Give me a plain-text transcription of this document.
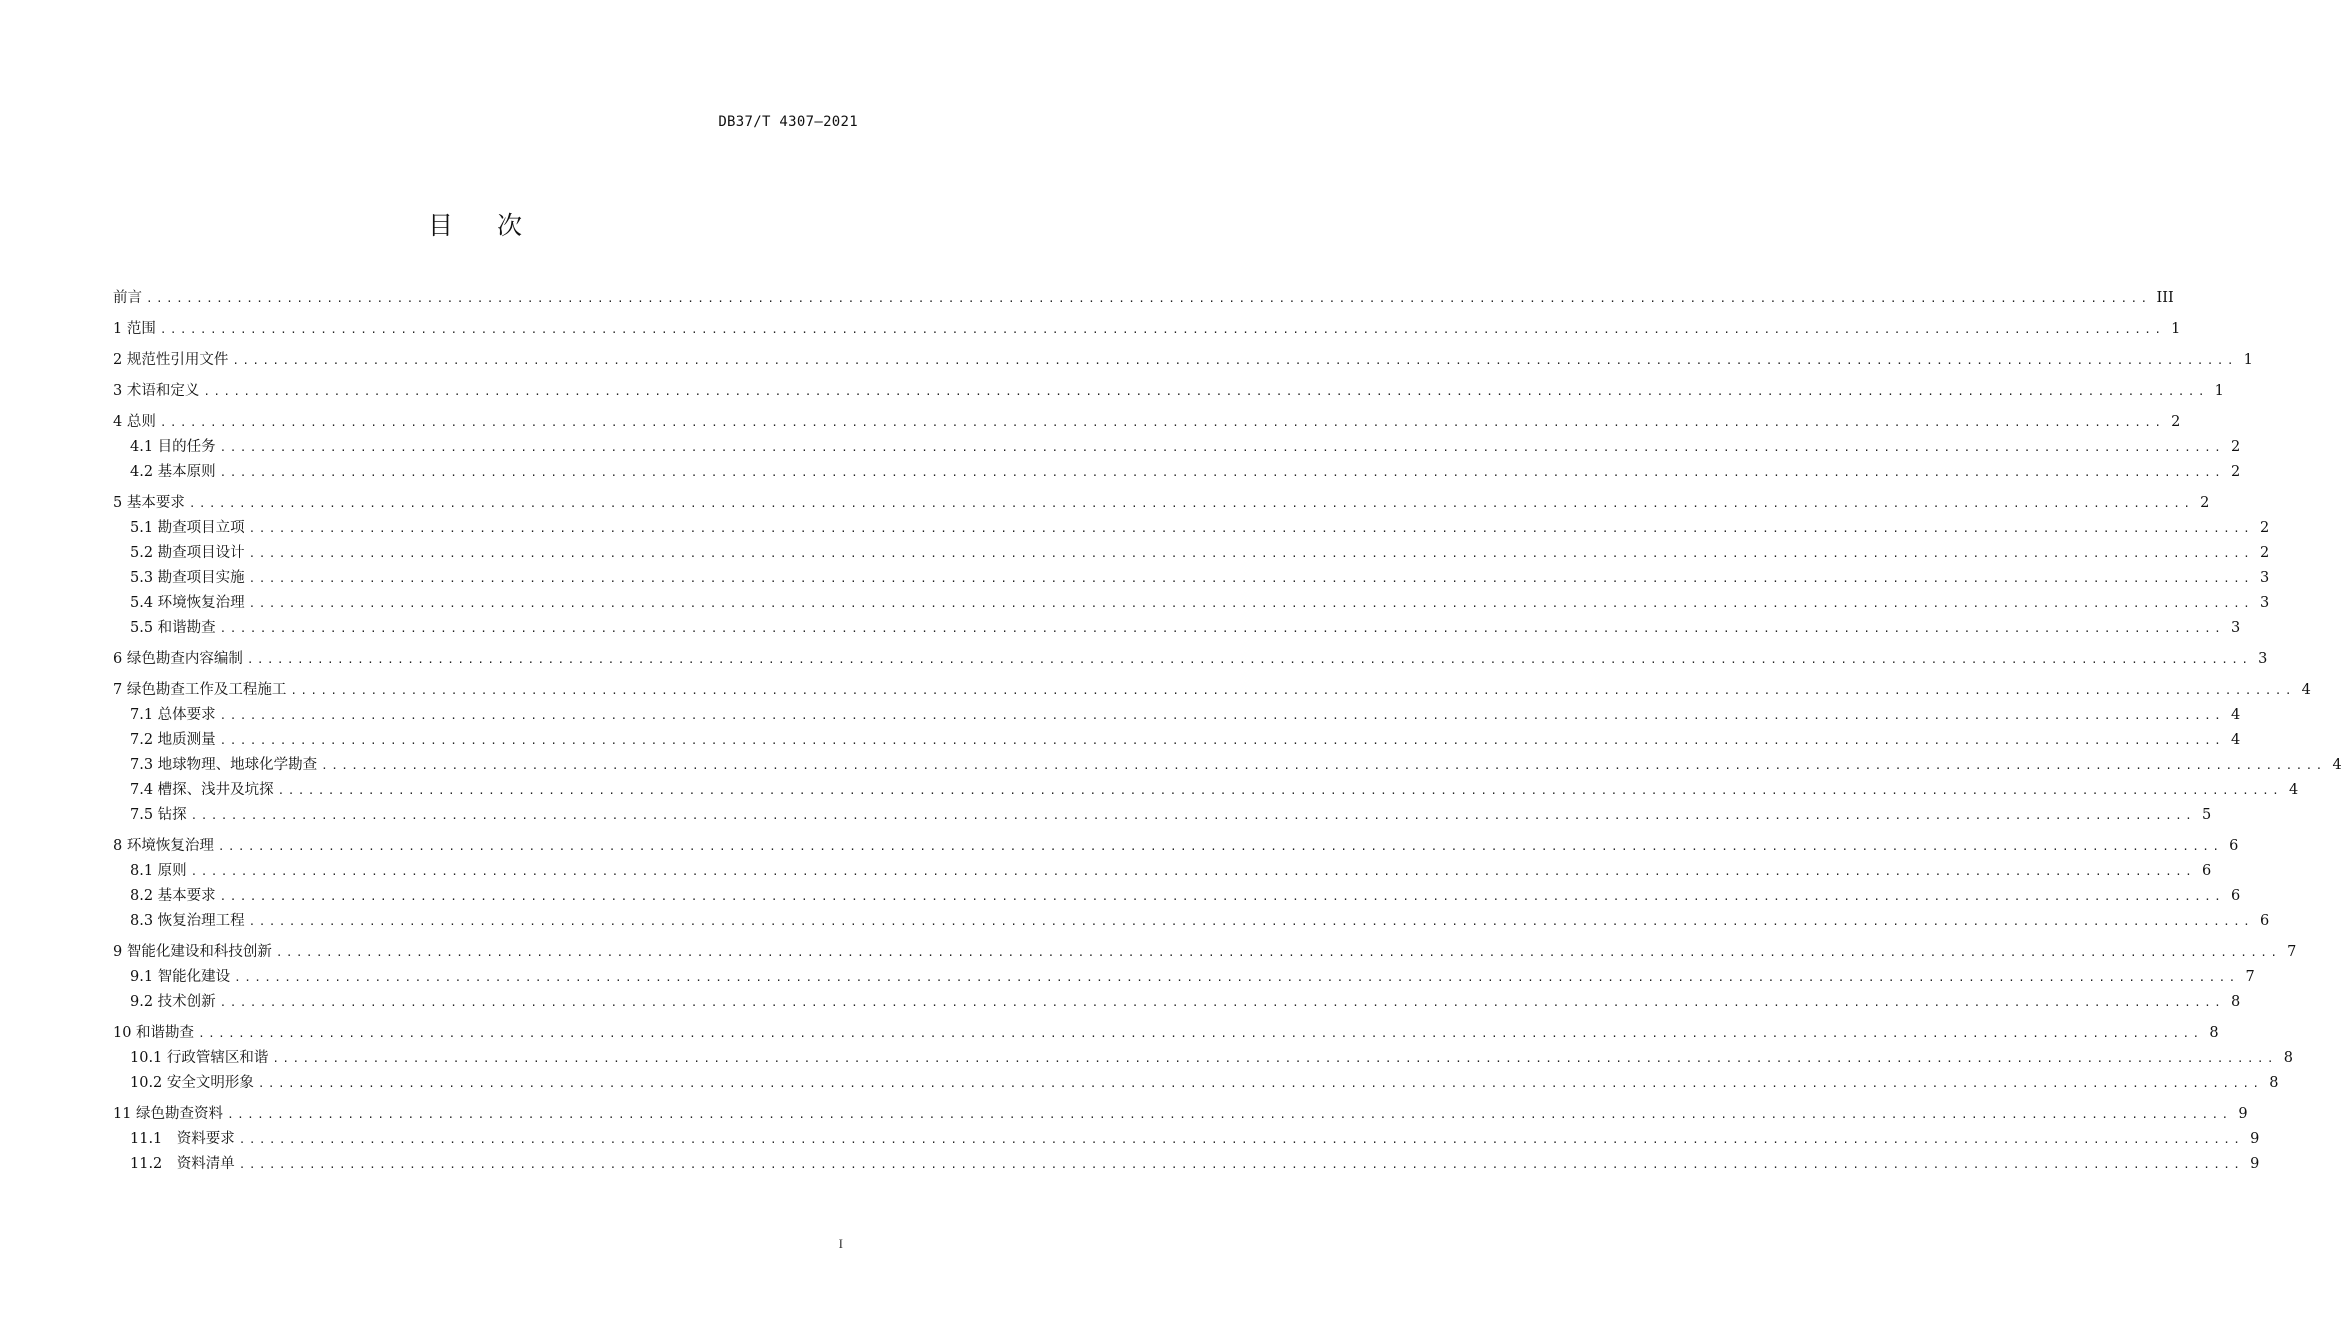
DB37/T 4307—2021
目次
前言 ........................................................................................................................................................................................................ III
1 范围 ........................................................................................................................................................................................................ 1
2 规范性引用文件 ........................................................................................................................................................................................................ 1
3 术语和定义 ........................................................................................................................................................................................................ 1
4 总则 ........................................................................................................................................................................................................ 2
4.1 目的任务 ........................................................................................................................................................................................................ 2
4.2 基本原则 ........................................................................................................................................................................................................ 2
5 基本要求 ........................................................................................................................................................................................................ 2
5.1 勘查项目立项 ........................................................................................................................................................................................................ 2
5.2 勘查项目设计 ........................................................................................................................................................................................................ 2
5.3 勘查项目实施 ........................................................................................................................................................................................................ 3
5.4 环境恢复治理 ........................................................................................................................................................................................................ 3
5.5 和谐勘查 ........................................................................................................................................................................................................ 3
6 绿色勘查内容编制 ........................................................................................................................................................................................................ 3
7 绿色勘查工作及工程施工 ........................................................................................................................................................................................................ 4
7.1 总体要求 ........................................................................................................................................................................................................ 4
7.2 地质测量 ........................................................................................................................................................................................................ 4
7.3 地球物理、地球化学勘查 ........................................................................................................................................................................................................ 4
7.4 槽探、浅井及坑探 ........................................................................................................................................................................................................ 4
7.5 钻探 ........................................................................................................................................................................................................ 5
8 环境恢复治理 ........................................................................................................................................................................................................ 6
8.1 原则 ........................................................................................................................................................................................................ 6
8.2 基本要求 ........................................................................................................................................................................................................ 6
8.3 恢复治理工程 ........................................................................................................................................................................................................ 6
9 智能化建设和科技创新 ........................................................................................................................................................................................................ 7
9.1 智能化建设 ........................................................................................................................................................................................................ 7
9.2 技术创新 ........................................................................................................................................................................................................ 8
10 和谐勘查 ........................................................................................................................................................................................................ 8
10.1 行政管辖区和谐 ........................................................................................................................................................................................................ 8
10.2 安全文明形象 ........................................................................................................................................................................................................ 8
11 绿色勘查资料 ........................................................................................................................................................................................................ 9
11.1　资料要求 ........................................................................................................................................................................................................ 9
11.2　资料清单 ........................................................................................................................................................................................................ 9
I
